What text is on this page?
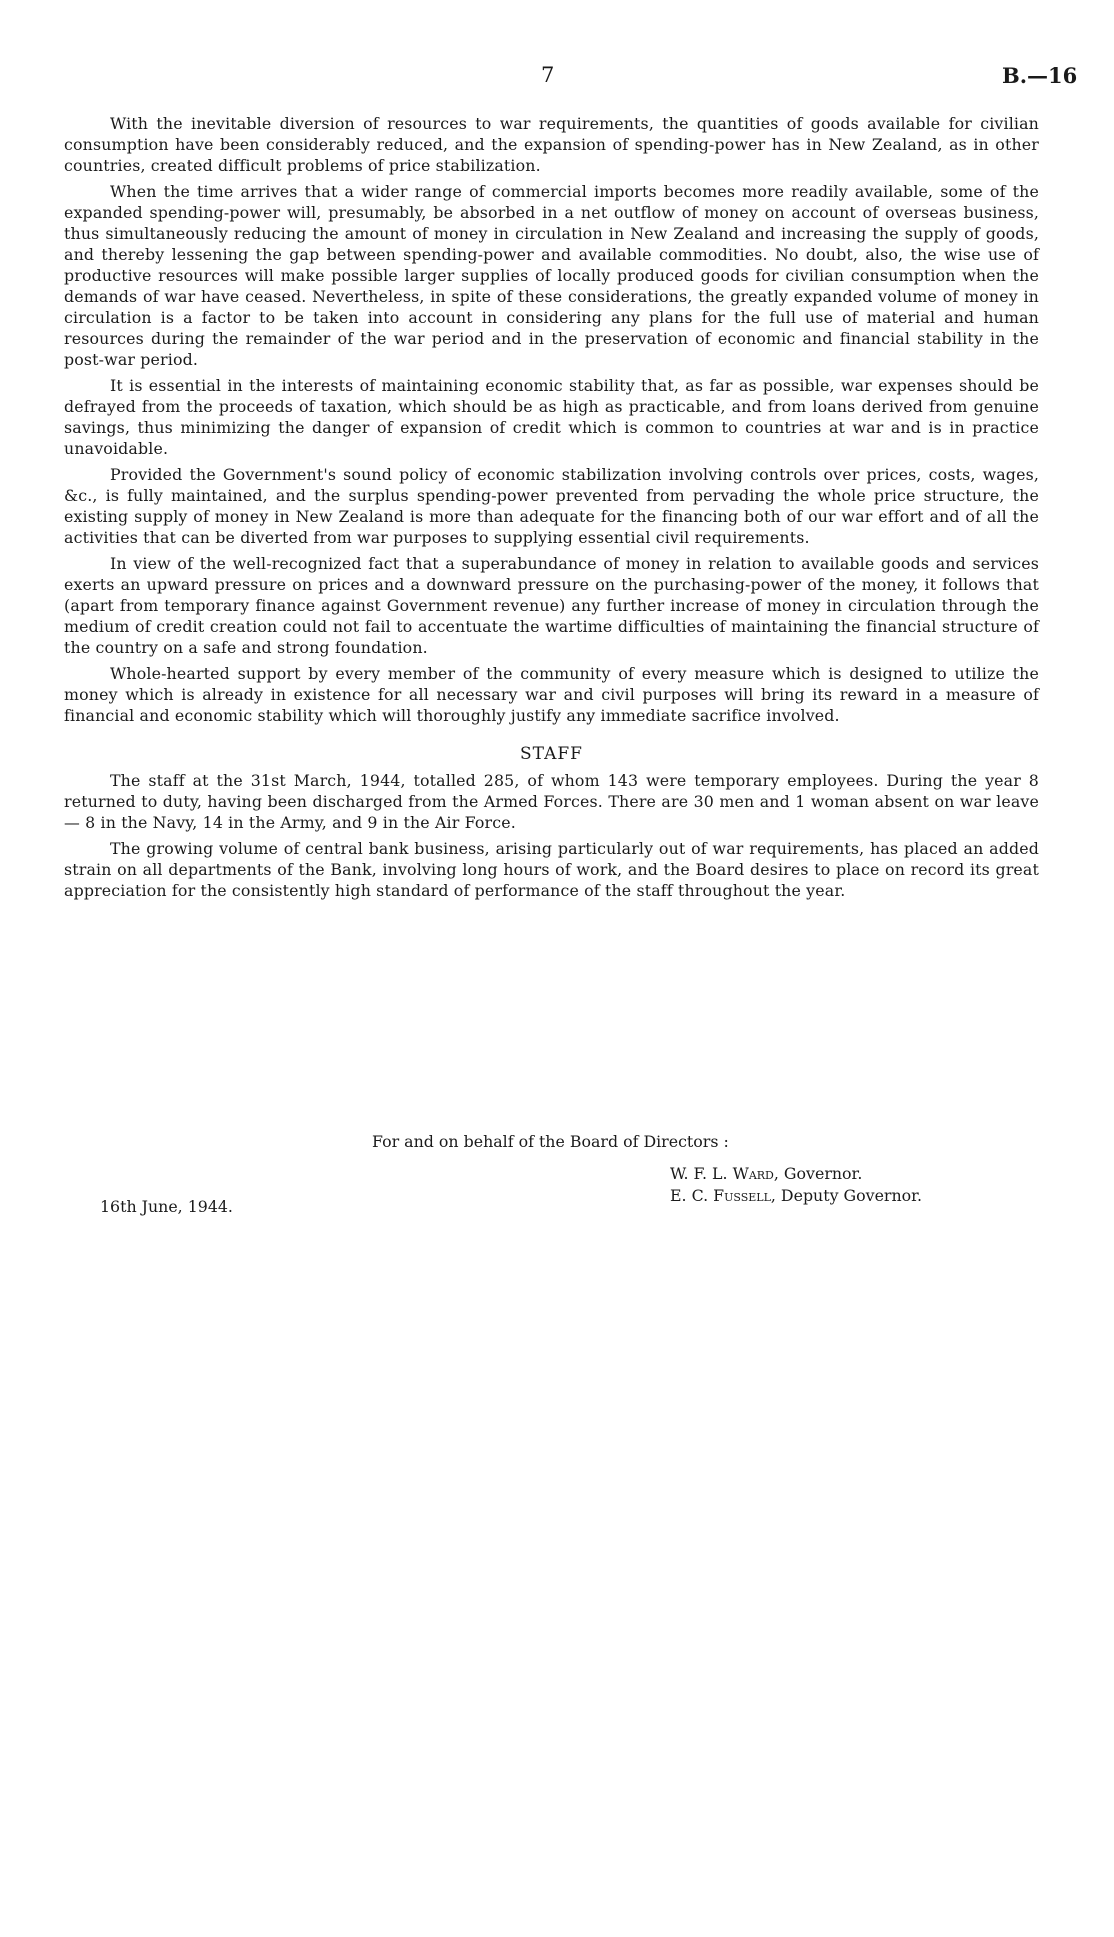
7	B.—16

With the inevitable diversion of resources to war requirements, the quantities of goods available for civilian consumption have been considerably reduced, and the expansion of spending-power has in New Zealand, as in other countries, created difficult problems of price stabilization.

When the time arrives that a wider range of commercial imports becomes more readily available, some of the expanded spending-power will, presumably, be absorbed in a net outflow of money on account of overseas business, thus simultaneously reducing the amount of money in circulation in New Zealand and increasing the supply of goods, and thereby lessening the gap between spending-power and available commodities. No doubt, also, the wise use of productive resources will make possible larger supplies of locally produced goods for civilian consumption when the demands of war have ceased. Nevertheless, in spite of these considerations, the greatly expanded volume of money in circulation is a factor to be taken into account in considering any plans for the full use of material and human resources during the remainder of the war period and in the preservation of economic and financial stability in the post-war period.

It is essential in the interests of maintaining economic stability that, as far as possible, war expenses should be defrayed from the proceeds of taxation, which should be as high as practicable, and from loans derived from genuine savings, thus minimizing the danger of expansion of credit which is common to countries at war and is in practice unavoidable.

Provided the Government's sound policy of economic stabilization involving controls over prices, costs, wages, &c., is fully maintained, and the surplus spending-power prevented from pervading the whole price structure, the existing supply of money in New Zealand is more than adequate for the financing both of our war effort and of all the activities that can be diverted from war purposes to supplying essential civil requirements.

In view of the well-recognized fact that a superabundance of money in relation to available goods and services exerts an upward pressure on prices and a downward pressure on the purchasing-power of the money, it follows that (apart from temporary finance against Government revenue) any further increase of money in circulation through the medium of credit creation could not fail to accentuate the wartime difficulties of maintaining the financial structure of the country on a safe and strong foundation.

Whole-hearted support by every member of the community of every measure which is designed to utilize the money which is already in existence for all necessary war and civil purposes will bring its reward in a measure of financial and economic stability which will thoroughly justify any immediate sacrifice involved.

STAFF

The staff at the 31st March, 1944, totalled 285, of whom 143 were temporary employees. During the year 8 returned to duty, having been discharged from the Armed Forces. There are 30 men and 1 woman absent on war leave — 8 in the Navy, 14 in the Army, and 9 in the Air Force.

The growing volume of central bank business, arising particularly out of war requirements, has placed an added strain on all departments of the Bank, involving long hours of work, and the Board desires to place on record its great appreciation for the consistently high standard of performance of the staff throughout the year.

For and on behalf of the Board of Directors :
W. F. L. Ward, Governor.
E. C. Fussell, Deputy Governor.
16th June, 1944.
